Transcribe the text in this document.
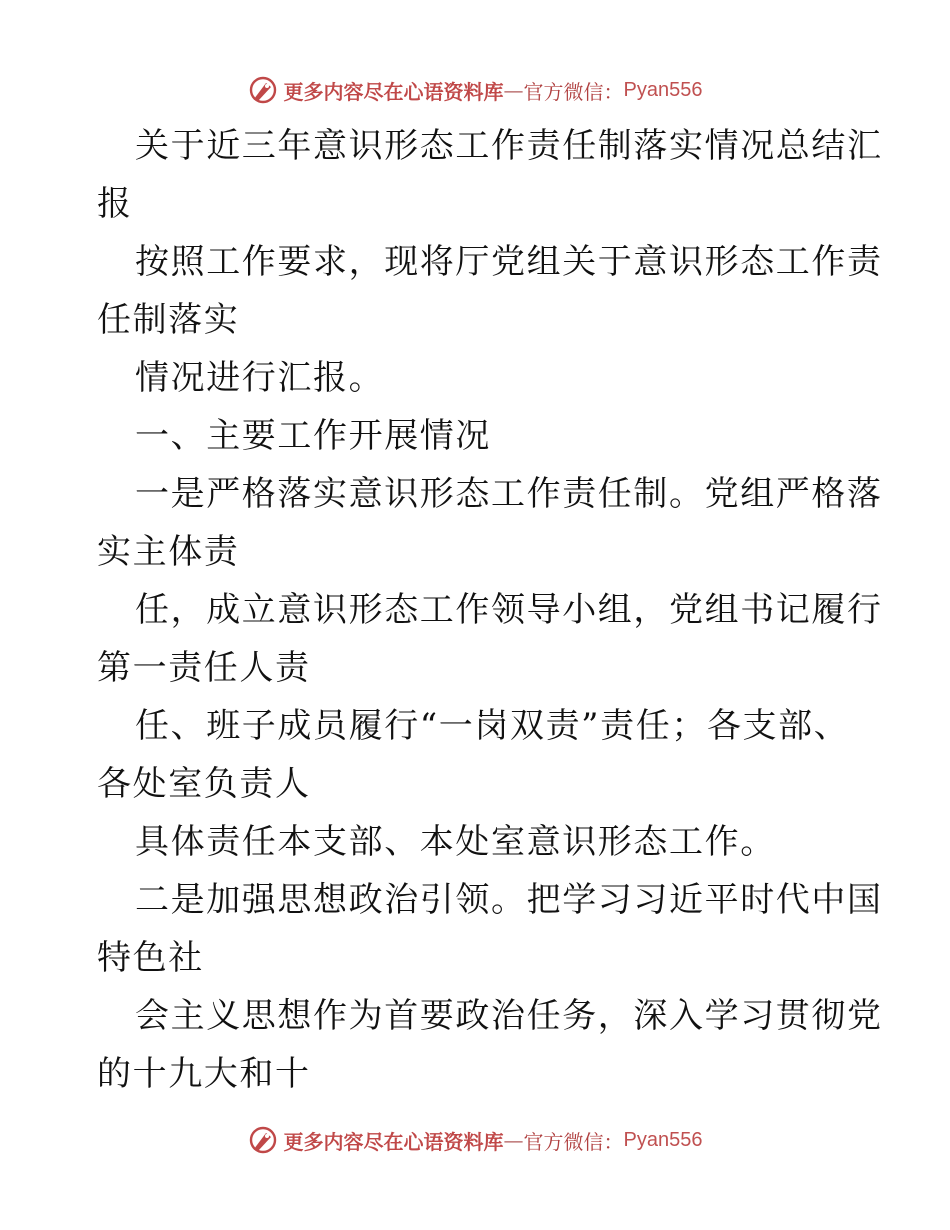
更多内容尽在心语资料库 — 官方微信： Pyan556
关于近三年意识形态工作责任制落实情况总结汇
报
按照工作要求，现将厅党组关于意识形态工作责
任制落实
情况进行汇报。
一、主要工作开展情况
一是严格落实意识形态工作责任制。党组严格落
实主体责
任，成立意识形态工作领导小组，党组书记履行
第一责任人责
任、班子成员履行“一岗双责”责任；各支部、
各处室负责人
具体责任本支部、本处室意识形态工作。
二是加强思想政治引领。把学习习近平时代中国
特色社
会主义思想作为首要政治任务，深入学习贯彻党
的十九大和十
更多内容尽在心语资料库 — 官方微信： Pyan556
